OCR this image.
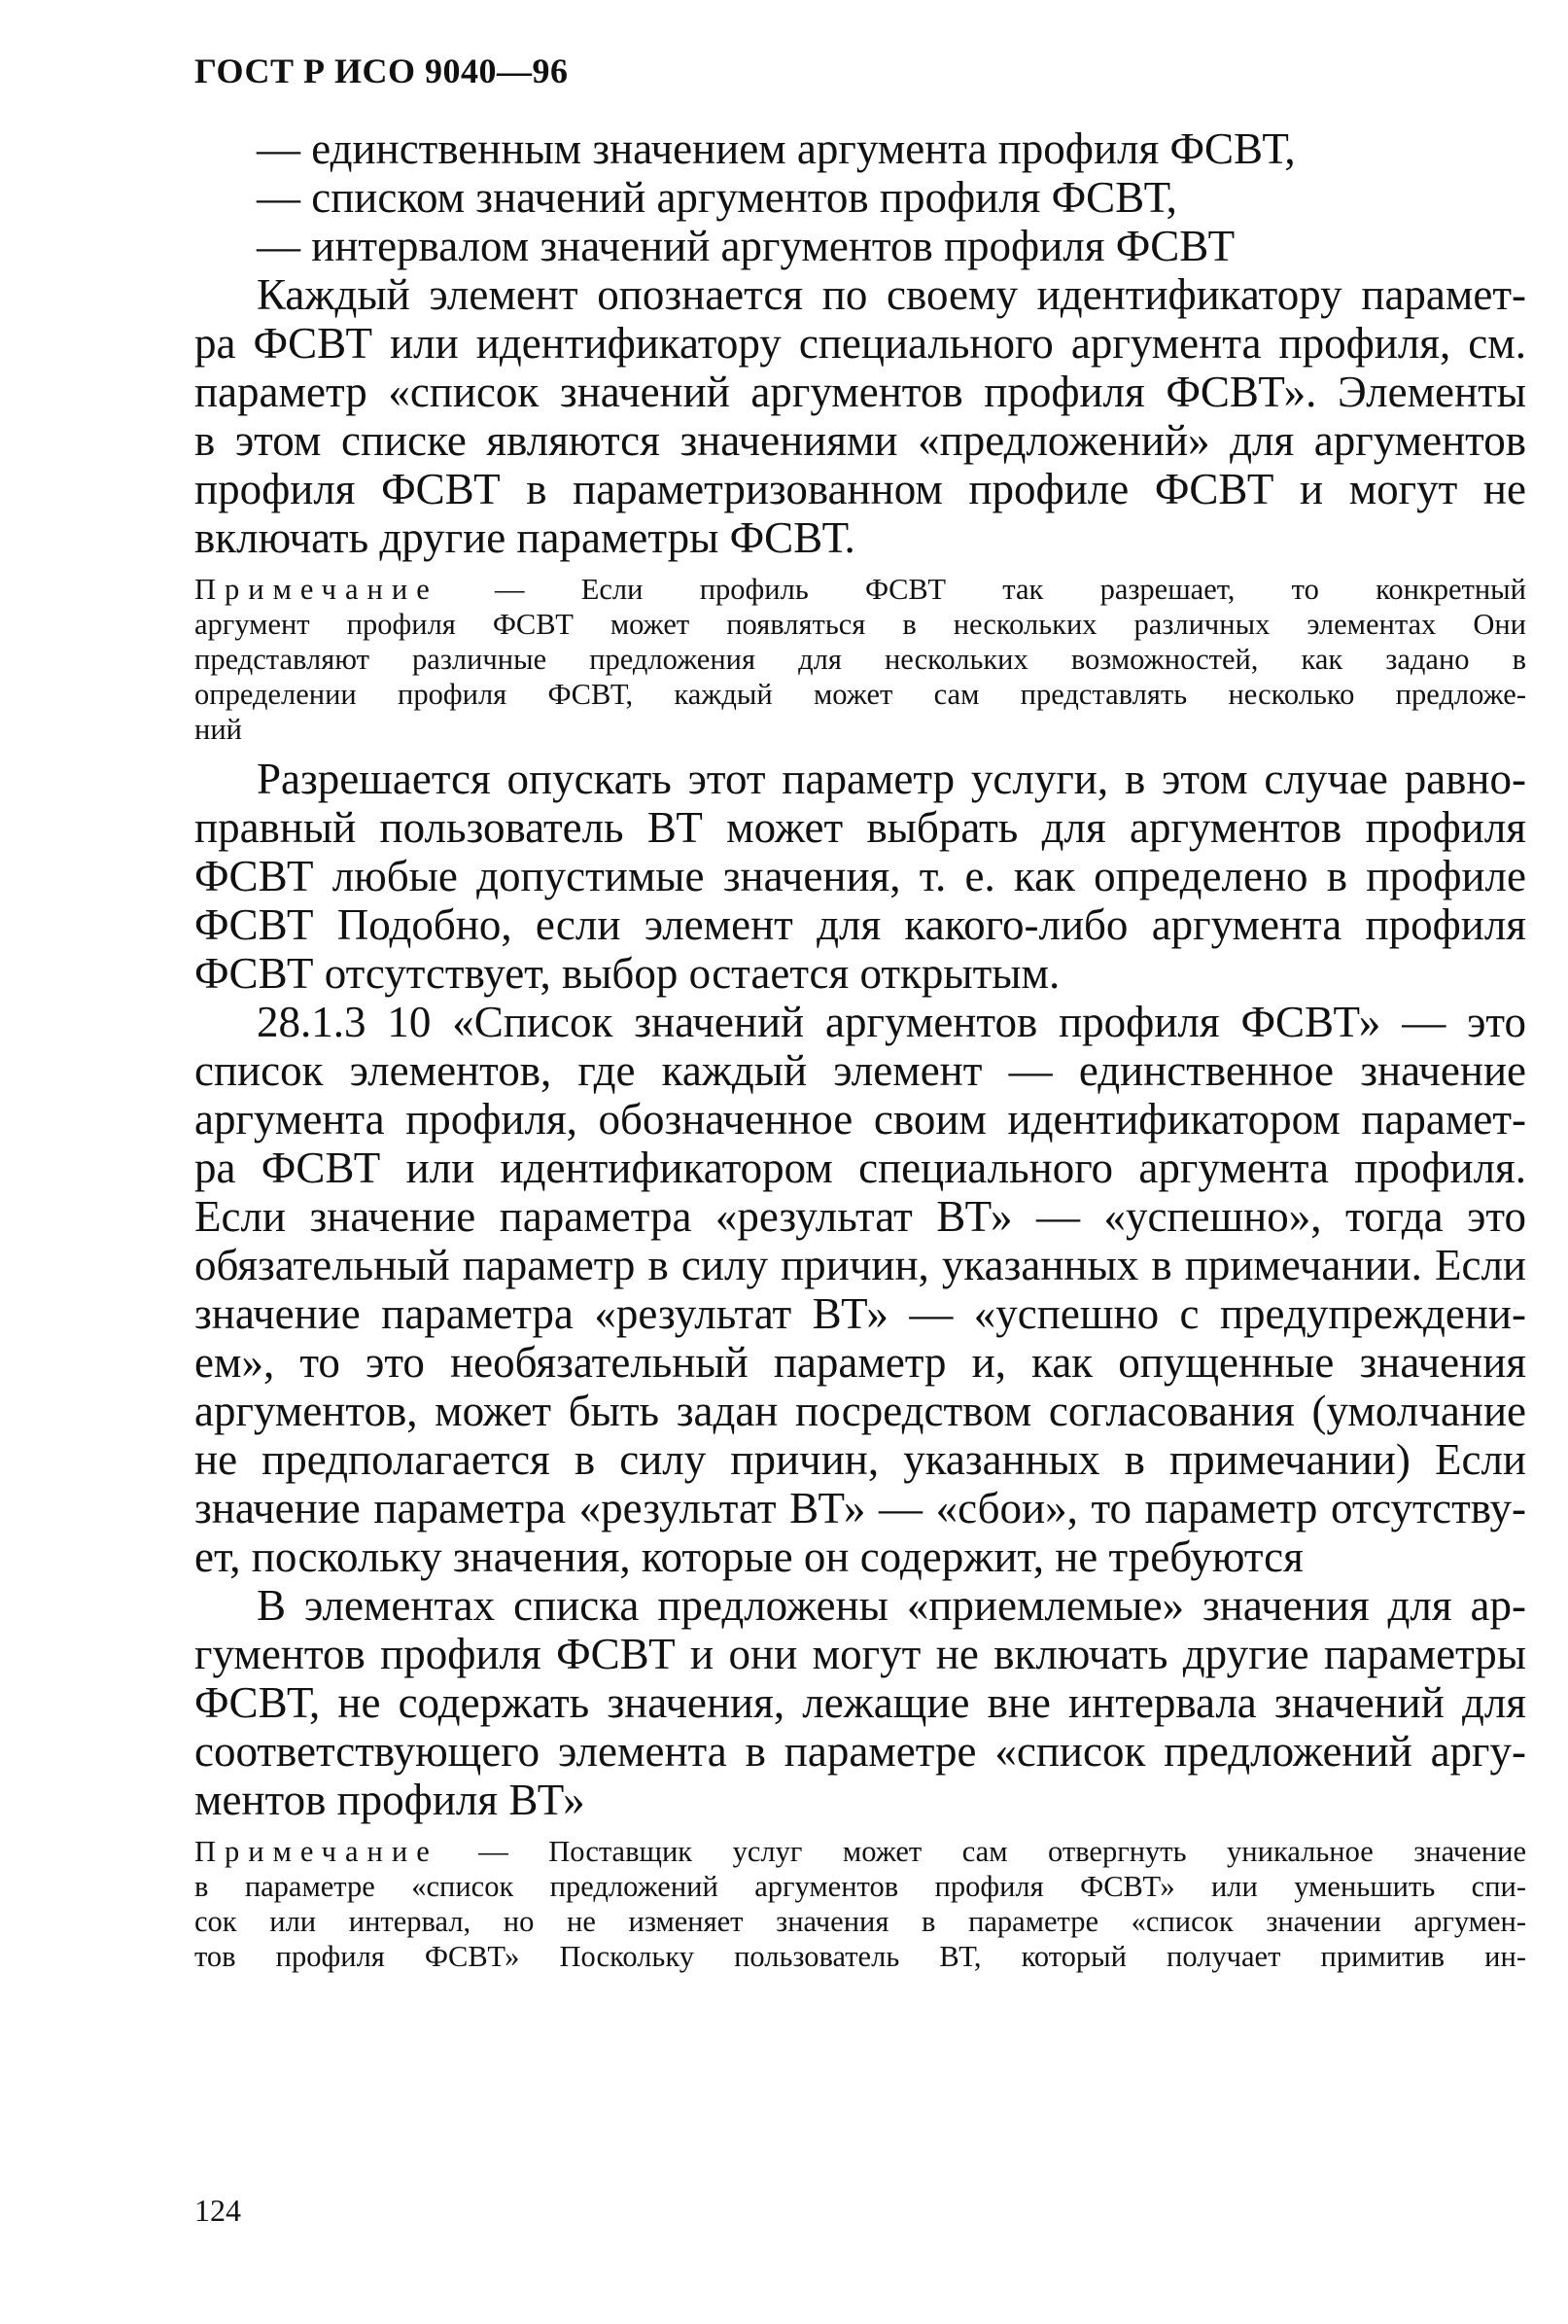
ГОСТ Р ИСО 9040—96
— единственным значением аргумента профиля ФСВТ,
— списком значений аргументов профиля ФСВТ,
— интервалом значений аргументов профиля ФСВТ
Каждый элемент опознается по своему идентификатору парамет-
ра ФСВТ или идентификатору специального аргумента профиля, см.
параметр «список значений аргументов профиля ФСВТ». Элементы
в этом списке являются значениями «предложений» для аргументов
профиля ФСВТ в параметризованном профиле ФСВТ и могут не
включать другие параметры ФСВТ.
Примечание — Если профиль ФСВТ так разрешает, то конкретный
аргумент профиля ФСВТ может появляться в нескольких различных элементах Они
представляют различные предложения для нескольких возможностей, как задано в
определении профиля ФСВТ, каждый может сам представлять несколько предложе-
ний
Разрешается опускать этот параметр услуги, в этом случае равно-
правный пользователь ВТ может выбрать для аргументов профиля
ФСВТ любые допустимые значения, т. е. как определено в профиле
ФСВТ Подобно, если элемент для какого-либо аргумента профиля
ФСВТ отсутствует, выбор остается открытым.
28.1.3 10 «Список значений аргументов профиля ФСВТ» — это
список элементов, где каждый элемент — единственное значение
аргумента профиля, обозначенное своим идентификатором парамет-
ра ФСВТ или идентификатором специального аргумента профиля.
Если значение параметра «результат ВТ» — «успешно», тогда это
обязательный параметр в силу причин, указанных в примечании. Если
значение параметра «результат ВТ» — «успешно с предупреждени-
ем», то это необязательный параметр и, как опущенные значения
аргументов, может быть задан посредством согласования (умолчание
не предполагается в силу причин, указанных в примечании) Если
значение параметра «результат ВТ» — «сбои», то параметр отсутству-
ет, поскольку значения, которые он содержит, не требуются
В элементах списка предложены «приемлемые» значения для ар-
гументов профиля ФСВТ и они могут не включать другие параметры
ФСВТ, не содержать значения, лежащие вне интервала значений для
соответствующего элемента в параметре «список предложений аргу-
ментов профиля ВТ»
Примечание — Поставщик услуг может сам отвергнуть уникальное значение
в параметре «список предложений аргументов профиля ФСВТ» или уменьшить спи-
сок или интервал, но не изменяет значения в параметре «список значении аргумен-
тов профиля ФСВТ» Поскольку пользователь ВТ, который получает примитив ин-
124
